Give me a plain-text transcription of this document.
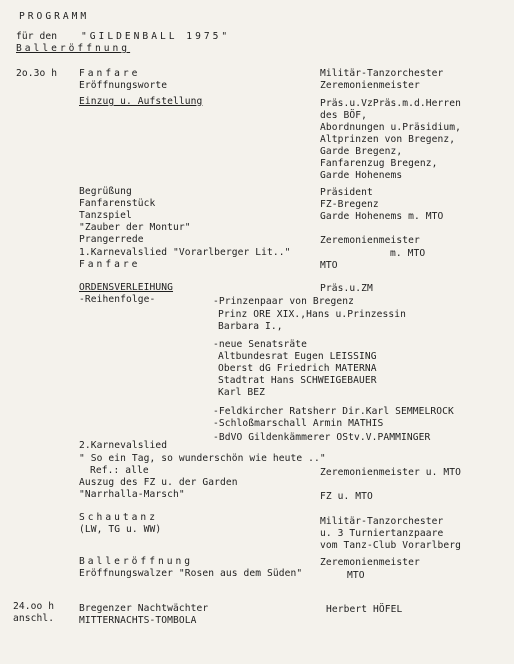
PROGRAMM
für den "GILDENBALL 1975"
Balleröffnung
2o.3o h Fanfare
Eröffnungsworte
Einzug u. Aufstellung
Militär-Tanzorchester
Zeremonienmeister
Präs.u.VzPräs.m.d.Herren
des BÖF,
Abordnungen u.Präsidium,
Altprinzen von Bregenz,
Garde Bregenz,
Fanfarenzug Bregenz,
Garde Hohenems
Begrüßung
Fanfarenstück
Tanzspiel
"Zauber der Montur"
Prangerrede
1.Karnevalslied "Vorarlberger Lit.."
Fanfare
Präsident
FZ-Bregenz
Garde Hohenems m. MTO
Zeremonienmeister
m. MTO
MTO
ORDENSVERLEIHUNG
-Reihenfolge-
Präs.u.ZM
-Prinzenpaar von Bregenz
Prinz ORE XIX.,Hans u.Prinzessin
Barbara I.,
-neue Senatsräte
Altbundesrat Eugen LEISSING
Oberst dG Friedrich MATERNA
Stadtrat Hans SCHWEIGEBAUER
Karl BEZ
-Feldkircher Ratsherr Dir.Karl SEMMELROCK
-Schloßmarschall Armin MATHIS
-BdVO Gildenkämmerer OStv.V.PAMMINGER
2.Karnevalslied
" So ein Tag, so wunderschön wie heute .."
Ref.: alle	Zeremonienmeister u. MTO
Auszug des FZ u. der Garden
"Narrhalla-Marsch"	FZ u. MTO
Schautanz
(LW, TG u. WW)
Militär-Tanzorchester
u. 3 Turniertanzpaare
vom Tanz-Club Vorarlberg
Balleröffnung
Eröffnungswalzer "Rosen aus dem Süden"
Zeremonienmeister
MTO
24.oo h
anschl.
Bregenzer Nachtwächter
MITTERNACHTS-TOMBOLA
Herbert HÖFEL
